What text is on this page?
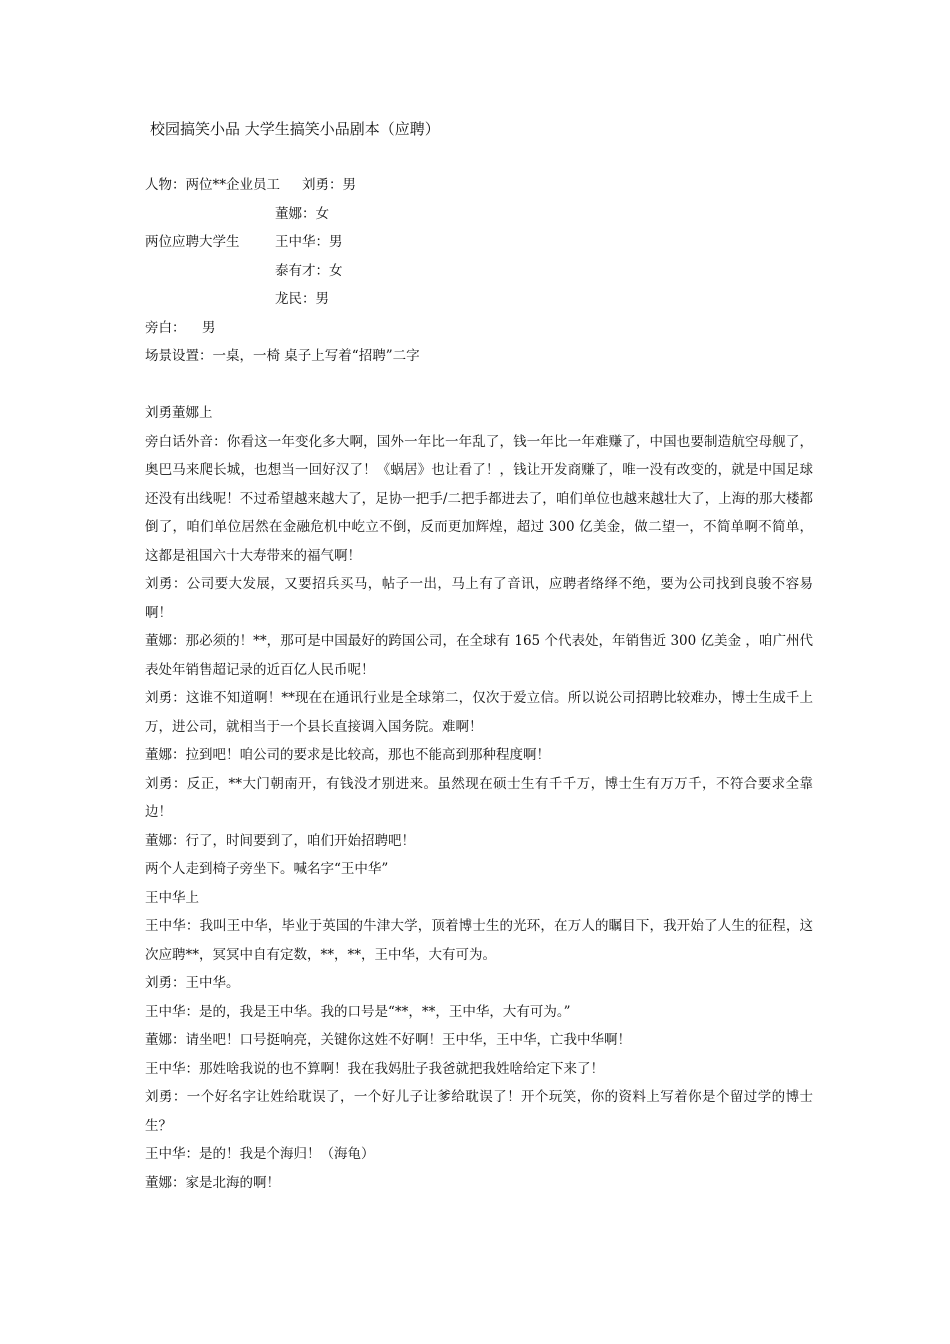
校园搞笑小品 大学生搞笑小品剧本（应聘）
人物：两位**企业员工 刘勇：男
董娜：女
两位应聘大学生	王中华：男
泰有才：女
龙民：男
旁白： 男
场景设置：一桌，一椅 桌子上写着“招聘”二字

刘勇董娜上

旁白话外音：你看这一年变化多大啊，国外一年比一年乱了，钱一年比一年难赚了，中国也要制造航空母舰了，奥巴马来爬长城，也想当一回好汉了！《蜗居》也让看了！，钱让开发商赚了，唯一没有改变的，就是中国足球还没有出线呢！不过希望越来越大了，足协一把手/二把手都进去了，咱们单位也越来越壮大了，上海的那大楼都倒了，咱们单位居然在金融危机中屹立不倒，反而更加辉煌，超过 300 亿美金，做二望一，不简单啊不简单，这都是祖国六十大寿带来的福气啊！

刘勇：公司要大发展，又要招兵买马，帖子一出，马上有了音讯，应聘者络绎不绝，要为公司找到良骏不容易啊！

董娜：那必须的！**，那可是中国最好的跨国公司，在全球有 165 个代表处，年销售近 300 亿美金 ，咱广州代表处年销售超记录的近百亿人民币呢！

刘勇：这谁不知道啊！**现在在通讯行业是全球第二，仅次于爱立信。所以说公司招聘比较难办，博士生成千上万，进公司，就相当于一个县长直接调入国务院。难啊！

董娜：拉到吧！咱公司的要求是比较高，那也不能高到那种程度啊！

刘勇：反正，**大门朝南开，有钱没才别进来。虽然现在硕士生有千千万，博士生有万万千，不符合要求全靠边！

董娜：行了，时间要到了，咱们开始招聘吧！

两个人走到椅子旁坐下。喊名字“王中华”

王中华上

王中华：我叫王中华，毕业于英国的牛津大学，顶着博士生的光环，在万人的瞩目下，我开始了人生的征程，这次应聘**，冥冥中自有定数，**，**，王中华，大有可为。

刘勇：王中华。

王中华：是的，我是王中华。我的口号是“**，**，王中华，大有可为。”

董娜：请坐吧！口号挺响亮，关键你这姓不好啊！王中华，王中华，亡我中华啊！

王中华：那姓啥我说的也不算啊！我在我妈肚子我爸就把我姓啥给定下来了！

刘勇：一个好名字让姓给耽误了，一个好儿子让爹给耽误了！开个玩笑，你的资料上写着你是个留过学的博士生？

王中华：是的！我是个海归！（海龟）

董娜：家是北海的啊！
